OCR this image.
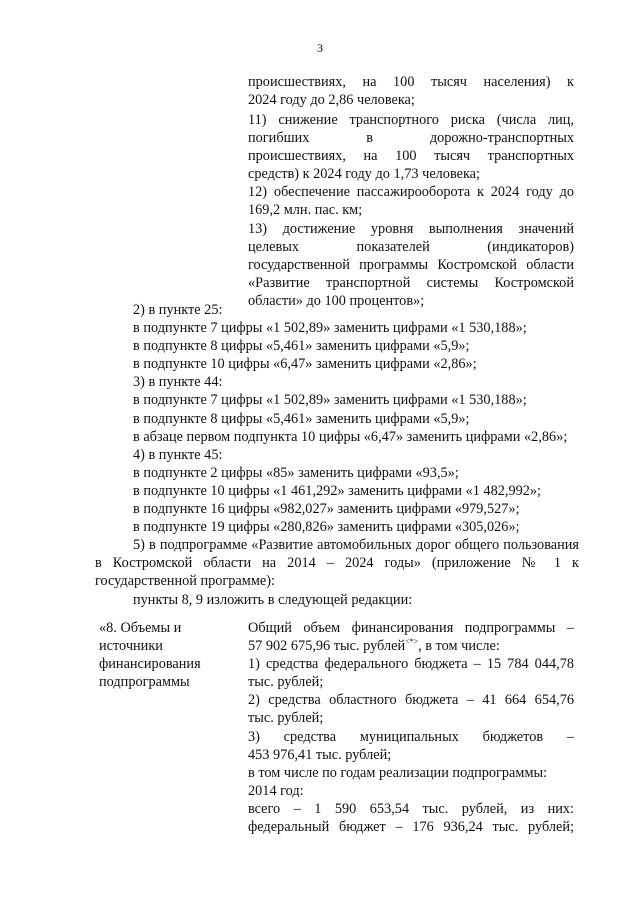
3

происшествиях, на 100 тысяч населения) к

2024 году до 2,86 человека;

11) снижение транспортного риска (числа лиц,

погибших в дорожно-транспортных

происшествиях, на 100 тысяч транспортных

средств) к 2024 году до 1,73 человека;

12) обеспечение пассажирооборота к 2024 году до

169,2 млн. пас. км;

13) достижение уровня выполнения значений

целевых показателей (индикаторов)

государственной программы Костромской области

«Развитие транспортной системы Костромской

области» до 100 процентов»;

2) в пункте 25:

в подпункте 7 цифры «1 502,89» заменить цифрами «1 530,188»;

в подпункте 8 цифры «5,461» заменить цифрами «5,9»;

в подпункте 10 цифры «6,47» заменить цифрами «2,86»;

3) в пункте 44:

в подпункте 7 цифры «1 502,89» заменить цифрами «1 530,188»;

в подпункте 8 цифры «5,461» заменить цифрами «5,9»;

в абзаце первом подпункта 10 цифры «6,47» заменить цифрами «2,86»;

4) в пункте 45:

в подпункте 2 цифры «85» заменить цифрами «93,5»;

в подпункте 10 цифры «1 461,292» заменить цифрами «1 482,992»;

в подпункте 16 цифры «982,027» заменить цифрами «979,527»;

в подпункте 19 цифры «280,826» заменить цифрами «305,026»;

5) в подпрограмме «Развитие автомобильных дорог общего пользования в Костромской области на 2014 – 2024 годы» (приложение № 1 к государственной программе):

пункты 8, 9 изложить в следующей редакции:

«8. Объемы и
источники
финансирования
подпрограммы

Общий объем финансирования подпрограммы –

57 902 675,96 тыс. рублей<*>, в том числе:

1) средства федерального бюджета – 15 784 044,78

тыс. рублей;

2) средства областного бюджета – 41 664 654,76

тыс. рублей;

3) средства муниципальных бюджетов –

453 976,41 тыс. рублей;

в том числе по годам реализации подпрограммы:

2014 год:

всего – 1 590 653,54 тыс. рублей, из них:

федеральный бюджет – 176 936,24 тыс. рублей;
